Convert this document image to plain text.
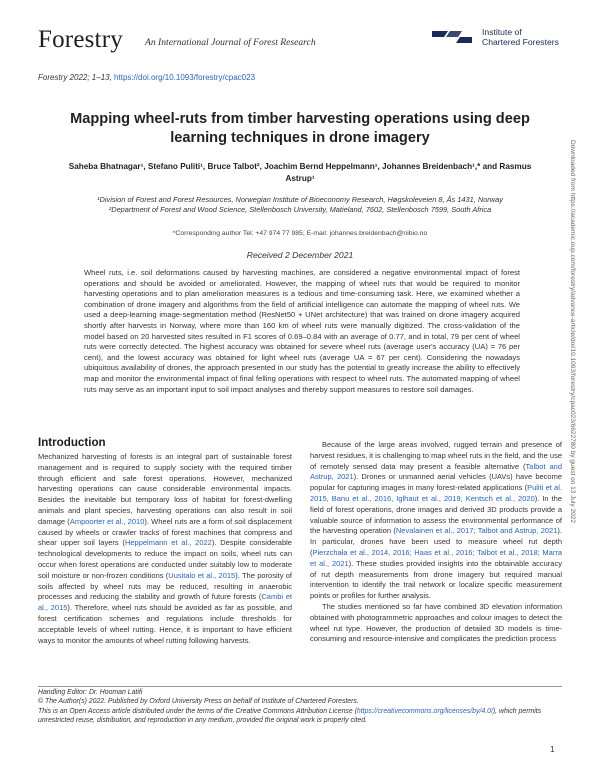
Forestry An International Journal of Forest Research
Institute of
Chartered Foresters
Forestry 2022; 1–13, https://doi.org/10.1093/forestry/cpac023
Mapping wheel-ruts from timber harvesting operations using deep learning techniques in drone imagery
Saheba Bhatnagar¹, Stefano Puliti¹, Bruce Talbot², Joachim Bernd Heppelmann¹, Johannes Breidenbach¹,* and Rasmus Astrup¹
¹Division of Forest and Forest Resources, Norwegian Institute of Bioeconomy Research, Høgskoleveien 8, Ås 1431, Norway
²Department of Forest and Wood Science, Stellenbosch University, Matieland, 7602, Stellenbosch 7599, South Africa
*Corresponding author Tel: +47 974 77 985; E-mail: johannes.breidenbach@nibio.no
Received 2 December 2021
Wheel ruts, i.e. soil deformations caused by harvesting machines, are considered a negative environmental impact of forest operations and should be avoided or ameliorated. However, the mapping of wheel ruts that would be required to monitor harvesting operations and to plan amelioration measures is a tedious and time-consuming task. Here, we examined whether a combination of drone imagery and algorithms from the field of artificial intelligence can automate the mapping of wheel ruts. We used a deep-learning image-segmentation method (ResNet50 + UNet architecture) that was trained on drone imagery acquired shortly after harvests in Norway, where more than 160 km of wheel ruts were manually digitized. The cross-validation of the model based on 20 harvested sites resulted in F1 scores of 0.69–0.84 with an average of 0.77, and in total, 79 per cent of wheel ruts were correctly detected. The highest accuracy was obtained for severe wheel ruts (average user's accuracy (UA) = 76 per cent), and the lowest accuracy was obtained for light wheel ruts (average UA = 67 per cent). Considering the nowadays ubiquitous availability of drones, the approach presented in our study has the potential to greatly increase the ability to effectively map and monitor the environmental impact of final felling operations with respect to wheel ruts. The automated mapping of wheel ruts may serve as an important input to soil impact analyses and thereby support measures to restore soil damages.
Introduction

Mechanized harvesting of forests is an integral part of sustainable forest management and is required to supply society with the required timber through efficient and safe forest operations. However, mechanized harvesting operations can cause considerable environmental impacts. Besides the inevitable but temporary loss of habitat for forest-dwelling animals and plant species, harvesting operations can also result in soil damage (Ampoorter et al., 2010). Wheel ruts are a form of soil displacement caused by wheels or crawler tracks of forest machines that compress and shear upper soil layers (Heppelmann et al., 2022). Despite considerable technological developments to reduce the impact on soils, wheel ruts can occur when forest operations are conducted under suitably low to moderate soil moisture or non-frozen conditions (Uusitalo et al., 2015). The porosity of soils affected by wheel ruts may be reduced, resulting in anaerobic processes and reducing the stability and growth of future forests (Cambi et al., 2015). Therefore, wheel ruts should be avoided as far as possible, and forest certification schemes and regulations include thresholds for acceptable levels of wheel rutting. Hence, it is important to have efficient ways to monitor the amounts of wheel rutting following harvests.

Because of the large areas involved, rugged terrain and presence of harvest residues, it is challenging to map wheel ruts in the field, and the use of remotely sensed data may present a feasible alternative (Talbot and Astrup, 2021). Drones or unmanned aerial vehicles (UAVs) have become popular for capturing images in many forest-related applications (Puliti et al. 2015, Banu et al., 2016, Iglhaut et al., 2019, Kentsch et al., 2020). In the field of forest operations, drone images and derived 3D products provide a valuable source of information to assess the environmental performance of the harvesting operation (Nevalainen et al., 2017; Talbot and Astrup, 2021). In particular, drones have been used to measure wheel rut depth (Pierzchała et al., 2014, 2016; Haas et al., 2016; Talbot et al., 2018; Marra et al., 2021). These studies provided insights into the obtainable accuracy of rut depth measurements from drone imagery but required manual intervention to identify the trail network or localize specific measurement points or profiles for further analysis.

The studies mentioned so far have combined 3D elevation information obtained with photogrammetric approaches and colour images to detect the wheel rut type. However, the production of detailed 3D models is time-consuming and resource-intensive and complicates the prediction process

Handling Editor: Dr. Hooman Latifi
© The Author(s) 2022. Published by Oxford University Press on behalf of Institute of Chartered Foresters.
This is an Open Access article distributed under the terms of the Creative Commons Attribution License (https://creativecommons.org/licenses/by/4.0/), which permits unrestricted reuse, distribution, and reproduction in any medium, provided the original work is properly cited.
1
Downloaded from https://academic.oup.com/forestry/advance-article/doi/10.1093/forestry/cpac023/6622780 by guest on 13 July 2022
